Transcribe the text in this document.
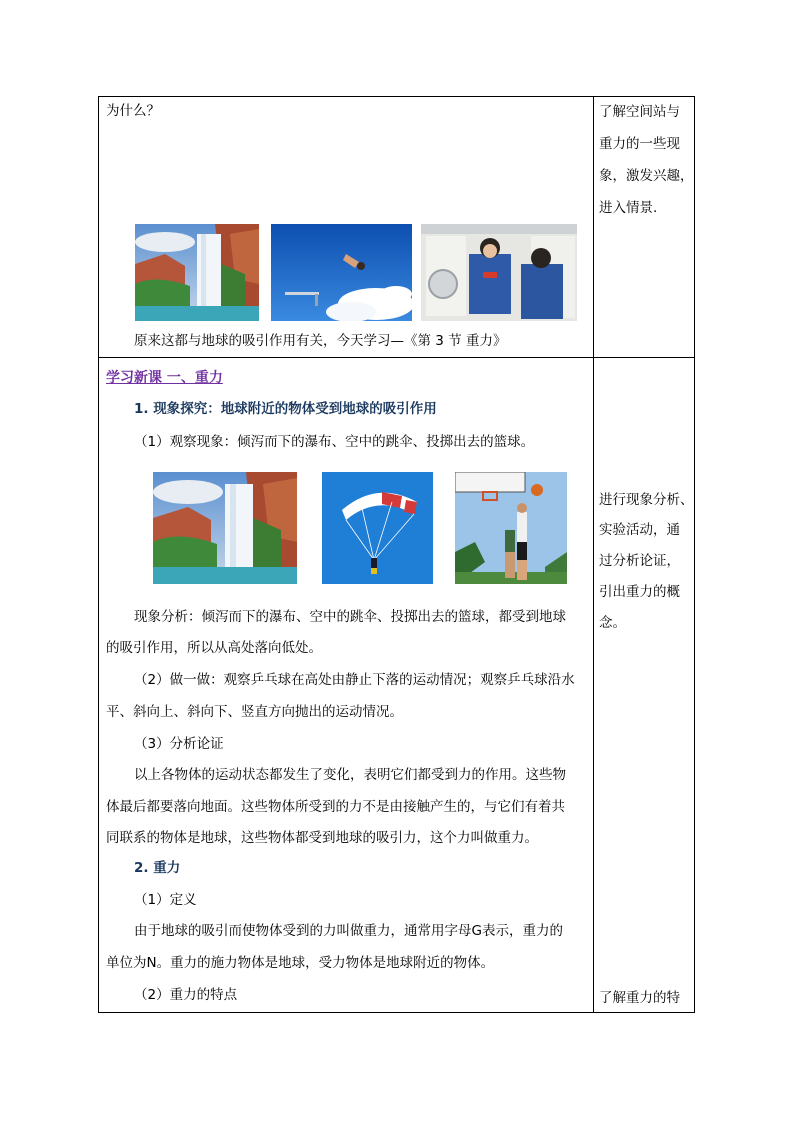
为什么？
原来这都与地球的吸引作用有关，今天学习—《第 3 节 重力》
了解空间站与
重力的一些现
象，激发兴趣，
进入情景.
学习新课 一、重力
1. 现象探究：地球附近的物体受到地球的吸引作用
（1）观察现象：倾泻而下的瀑布、空中的跳伞、投掷出去的篮球。
现象分析：倾泻而下的瀑布、空中的跳伞、投掷出去的篮球，都受到地球
的吸引作用，所以从高处落向低处。
（2）做一做：观察乒乓球在高处由静止下落的运动情况；观察乒乓球沿水
平、斜向上、斜向下、竖直方向抛出的运动情况。
（3）分析论证
以上各物体的运动状态都发生了变化，表明它们都受到力的作用。这些物
体最后都要落向地面。这些物体所受到的力不是由接触产生的，与它们有着共
同联系的物体是地球，这些物体都受到地球的吸引力，这个力叫做重力。
2. 重力
（1）定义
由于地球的吸引而使物体受到的力叫做重力，通常用字母G表示，重力的
单位为N。重力的施力物体是地球，受力物体是地球附近的物体。
（2）重力的特点
进行现象分析、
实验活动，通
过分析论证，
引出重力的概
念。
了解重力的特
